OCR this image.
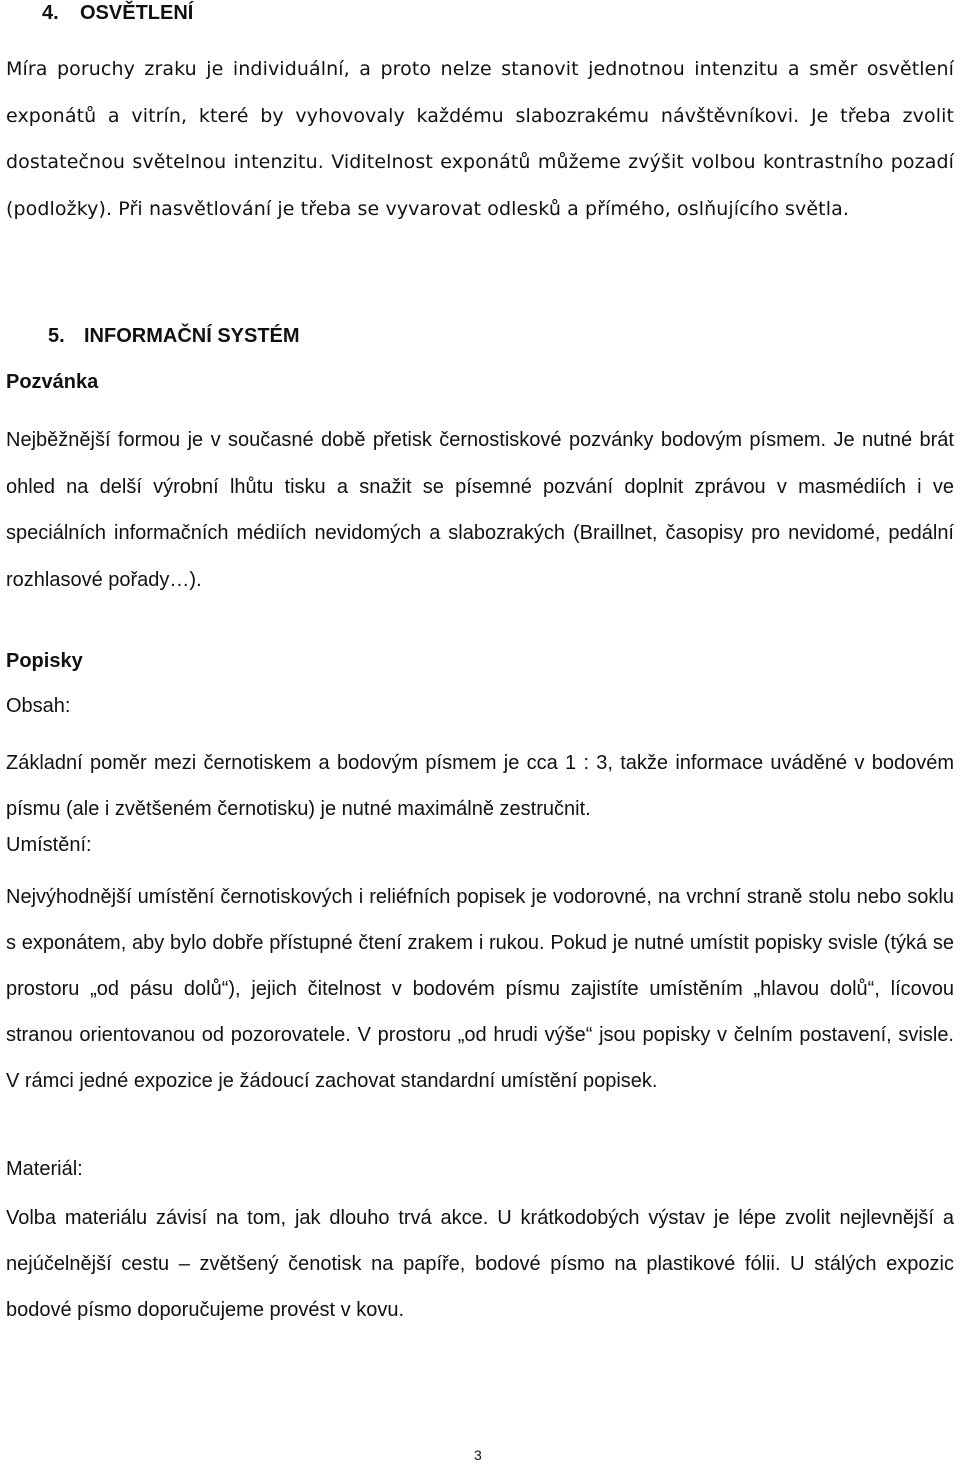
4. OSVĚTLENÍ

Míra poruchy zraku je individuální, a proto nelze stanovit jednotnou intenzitu a směr osvětlení exponátů a vitrín, které by vyhovovaly každému slabozrakému návštěvníkovi. Je třeba zvolit dostatečnou světelnou intenzitu. Viditelnost exponátů můžeme zvýšit volbou kontrastního pozadí (podložky). Při nasvětlování je třeba se vyvarovat odlesků a přímého, oslňujícího světla.

5. INFORMAČNÍ SYSTÉM
Pozvánka

Nejběžnější formou je v současné době přetisk černostiskové pozvánky bodovým písmem. Je nutné brát ohled na delší výrobní lhůtu tisku a snažit se písemné pozvání doplnit zprávou v masmédiích i ve speciálních informačních médiích nevidomých a slabozrakých (Braillnet, časopisy pro nevidomé, pedální rozhlasové pořady…).

Popisky
Obsah:

Základní poměr mezi černotiskem a bodovým písmem je cca 1 : 3, takže informace uváděné v bodovém písmu (ale i zvětšeném černotisku) je nutné maximálně zestručnit.

Umístění:

Nejvýhodnější umístění černotiskových i reliéfních popisek je vodorovné, na vrchní straně stolu nebo soklu s exponátem, aby bylo dobře přístupné čtení zrakem i rukou. Pokud je nutné umístit popisky svisle (týká se prostoru „od pásu dolů“), jejich čitelnost v bodovém písmu zajistíte umístěním „hlavou dolů“, lícovou stranou orientovanou od pozorovatele. V prostoru „od hrudi výše“ jsou popisky v čelním postavení, svisle. V rámci jedné expozice je žádoucí zachovat standardní umístění popisek.

Materiál:

Volba materiálu závisí na tom, jak dlouho trvá akce. U krátkodobých výstav je lépe zvolit nejlevnější a nejúčelnější cestu – zvětšený čenotisk na papíře, bodové písmo na plastikové fólii. U stálých expozic bodové písmo doporučujeme provést v kovu.

3
